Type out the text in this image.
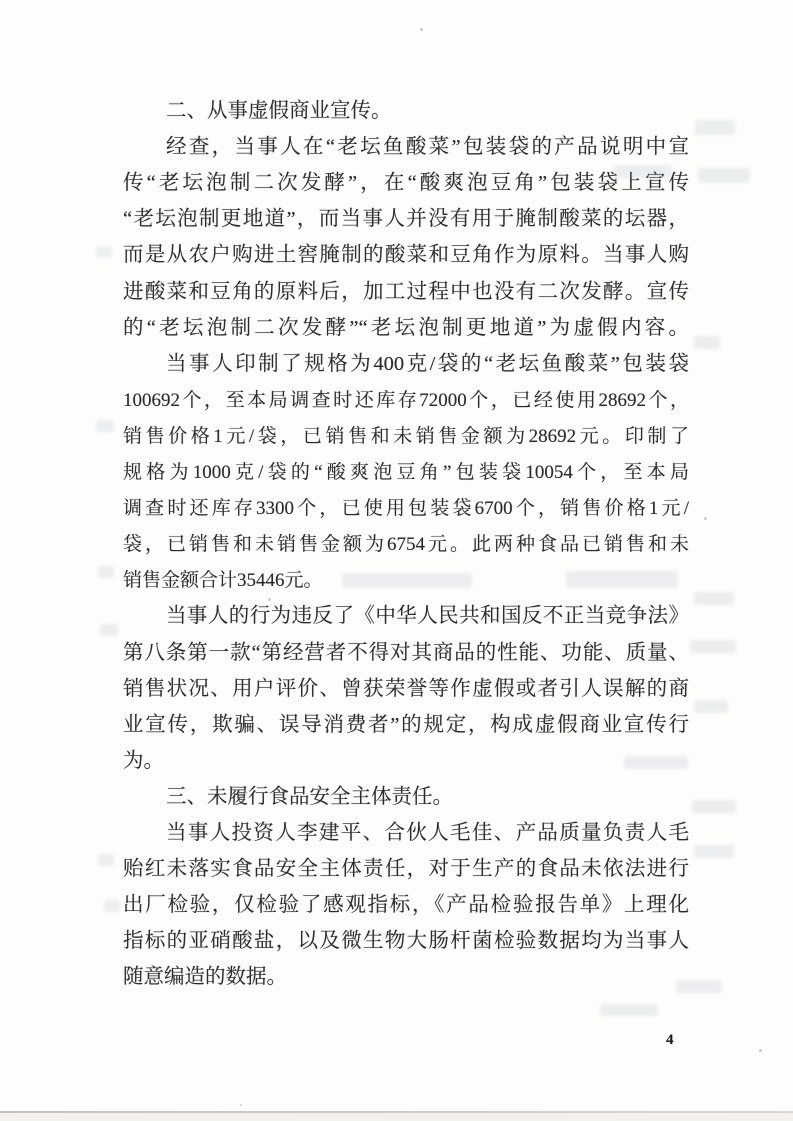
二、从事虚假商业宣传。
经查，当事人在“老坛鱼酸菜”包装袋的产品说明中宣
传“老坛泡制二次发酵”，在“酸爽泡豆角”包装袋上宣传
“老坛泡制更地道”，而当事人并没有用于腌制酸菜的坛器，
而是从农户购进土窖腌制的酸菜和豆角作为原料。当事人购
进酸菜和豆角的原料后，加工过程中也没有二次发酵。宣传
的“老坛泡制二次发酵”“老坛泡制更地道”为虚假内容。
当事人印制了规格为400克/袋的“老坛鱼酸菜”包装袋
100692个，至本局调查时还库存72000个，已经使用28692个，
销售价格1元/袋，已销售和未销售金额为28692元。印制了
规格为1000克/袋的“酸爽泡豆角”包装袋10054个，至本局
调查时还库存3300个，已使用包装袋6700个，销售价格1元/
袋，已销售和未销售金额为6754元。此两种食品已销售和未
销售金额合计35446元。
当事人的行为违反了《中华人民共和国反不正当竞争法》
第八条第一款“第经营者不得对其商品的性能、功能、质量、
销售状况、用户评价、曾获荣誉等作虚假或者引人误解的商
业宣传，欺骗、误导消费者”的规定，构成虚假商业宣传行
为。
三、未履行食品安全主体责任。
当事人投资人李建平、合伙人毛佳、产品质量负责人毛
贻红未落实食品安全主体责任，对于生产的食品未依法进行
出厂检验，仅检验了感观指标，《产品检验报告单》上理化
指标的亚硝酸盐，以及微生物大肠杆菌检验数据均为当事人
随意编造的数据。
4
